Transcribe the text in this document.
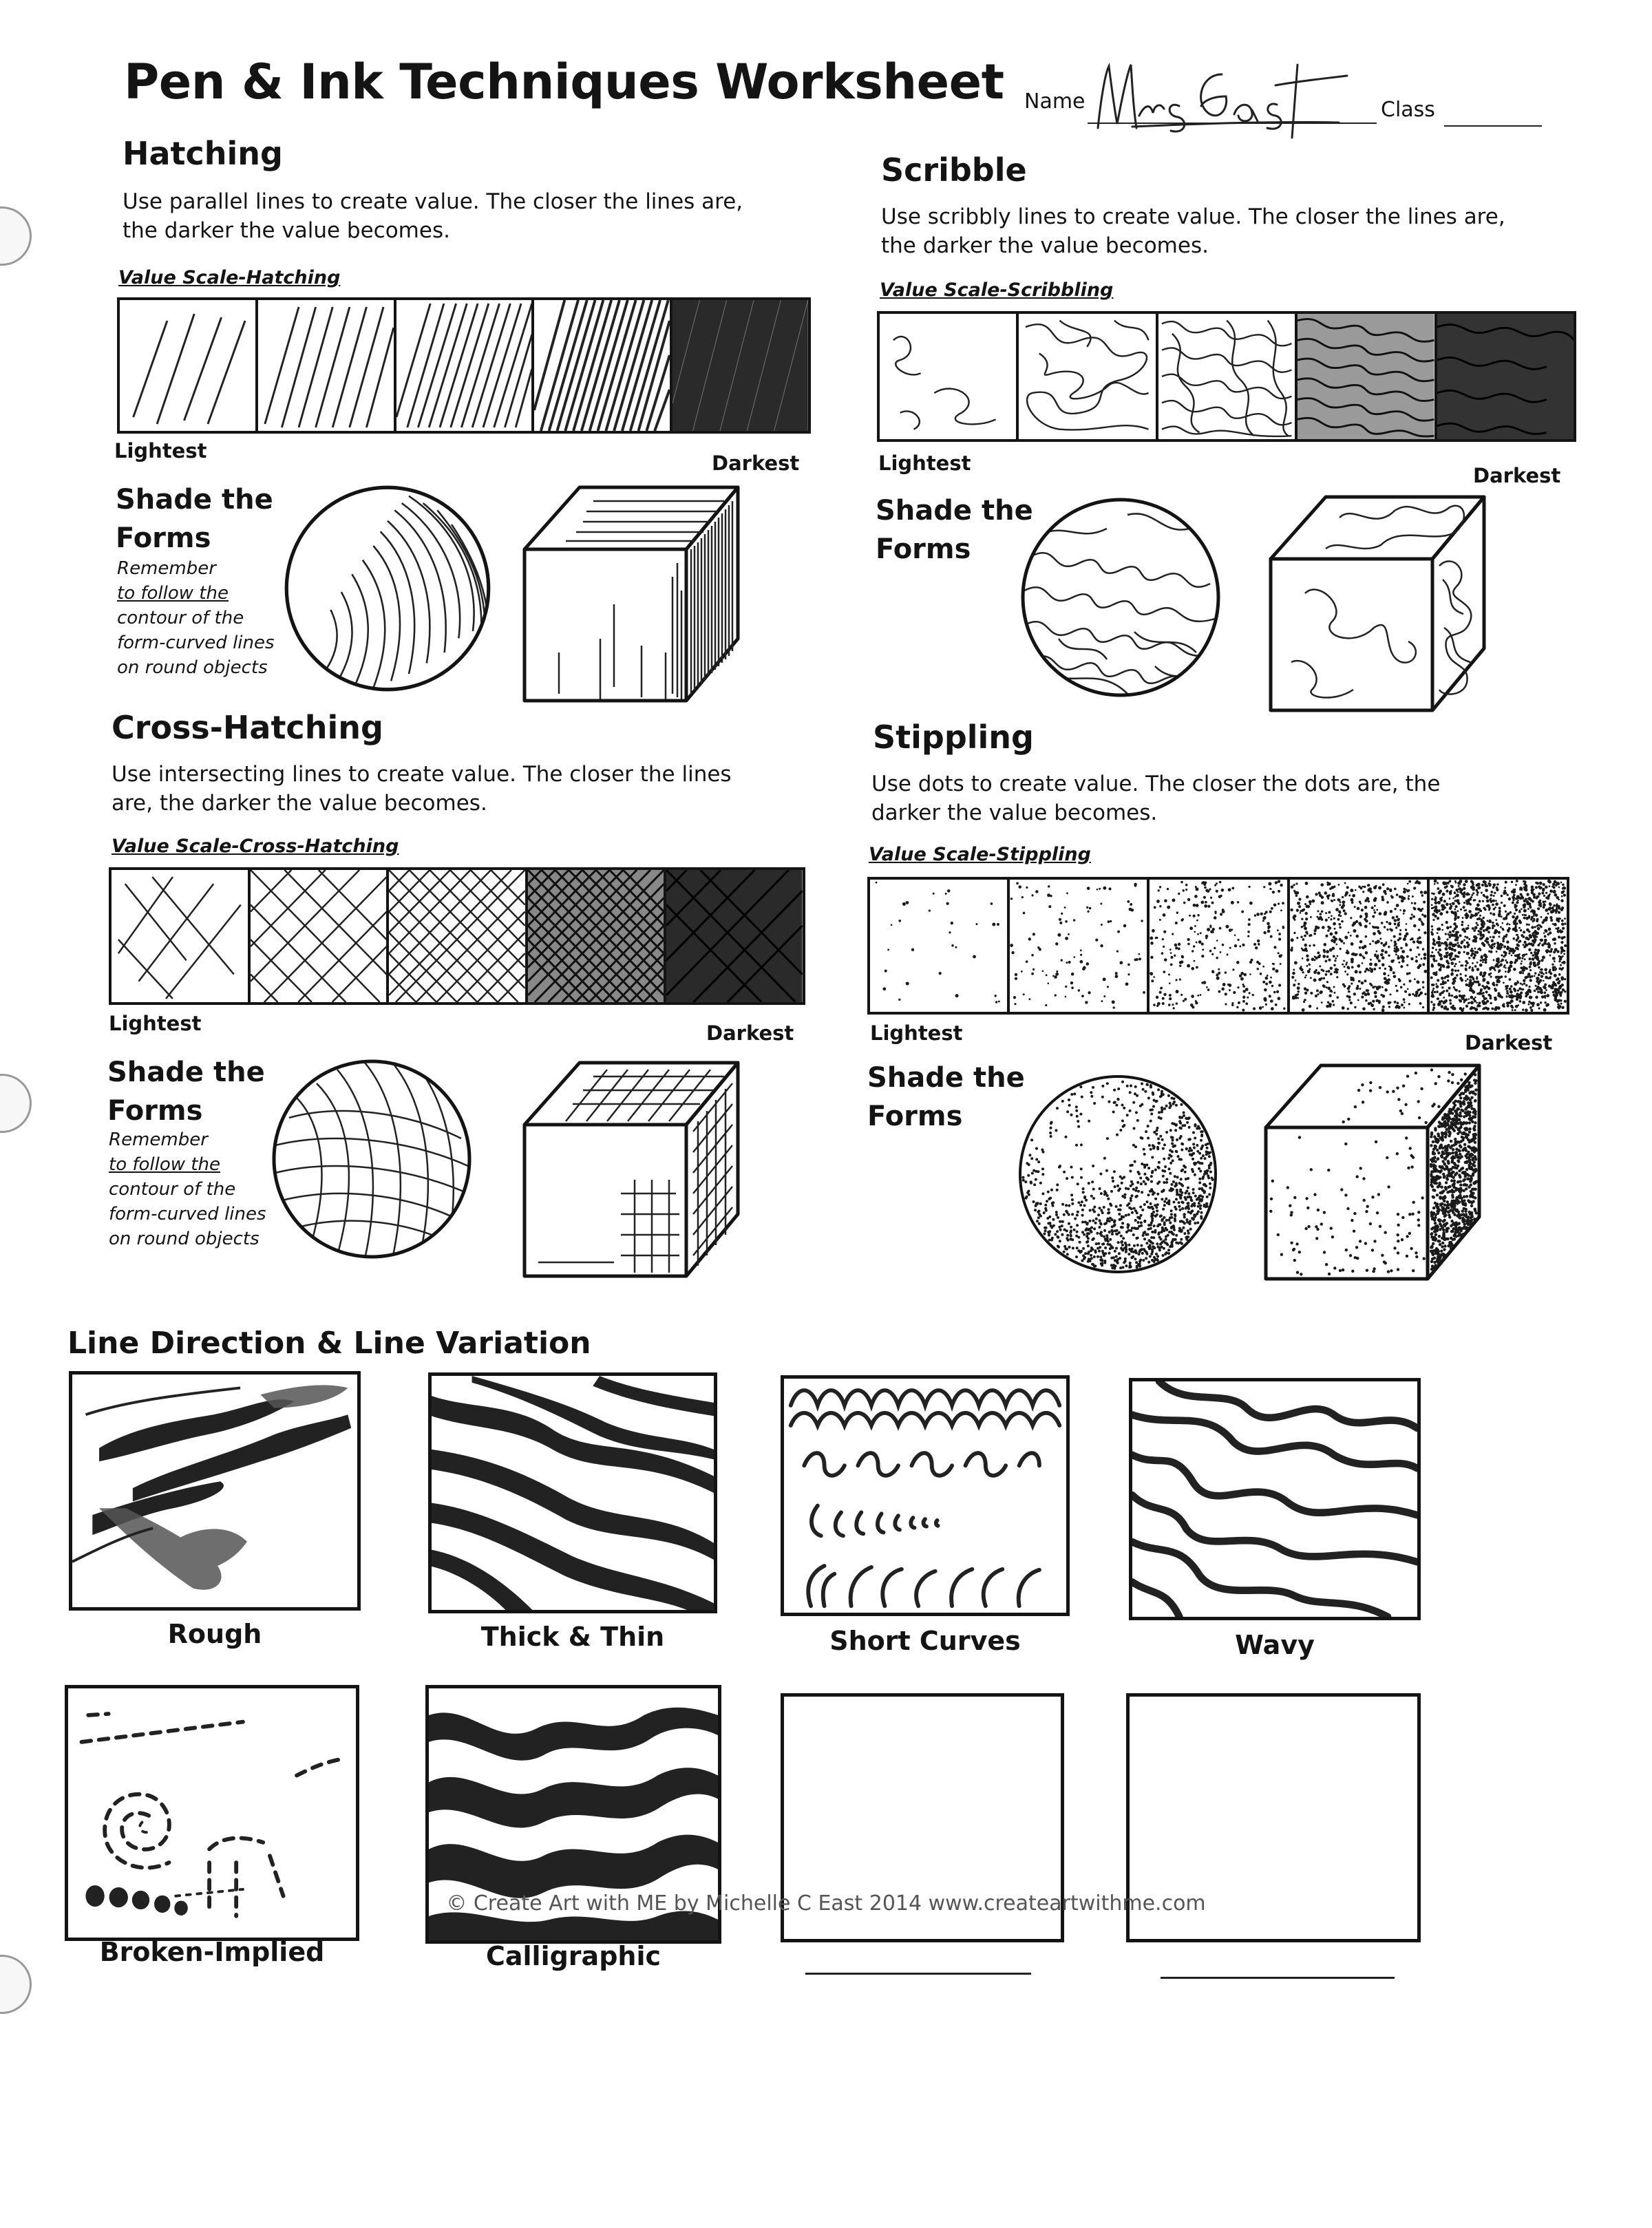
Pen & Ink Techniques Worksheet Name
MrsEast
Class
Hatching
Use parallel lines to create value. The closer the lines are,
the darker the value becomes.
Value Scale-Hatching
Lightest
Darkest
Shade the
Forms
Remember
to follow the
contour of the
form-curved lines
on round objects
Scribble
Use scribbly lines to create value. The closer the lines are,
the darker the value becomes.
Value Scale-Scribbling
Lightest
Darkest
Shade the
Forms
Cross-Hatching
Use intersecting lines to create value. The closer the lines
are, the darker the value becomes.
Value Scale-Cross-Hatching
Lightest	Darkest
Shade the
Forms
Remember
to follow the
contour of the
form-curved lines
on round objects
Stippling
Use dots to create value. The closer the dots are, the
darker the value becomes.
Value Scale-Stippling
Lightest	Darkest
Shade the
Forms
Line Direction & Line Variation
Rough	Thick & Thin	Short Curves	Wavy
Broken-Implied	Calligraphic
© Create Art with ME by Michelle C East 2014 www.createartwithme.com
